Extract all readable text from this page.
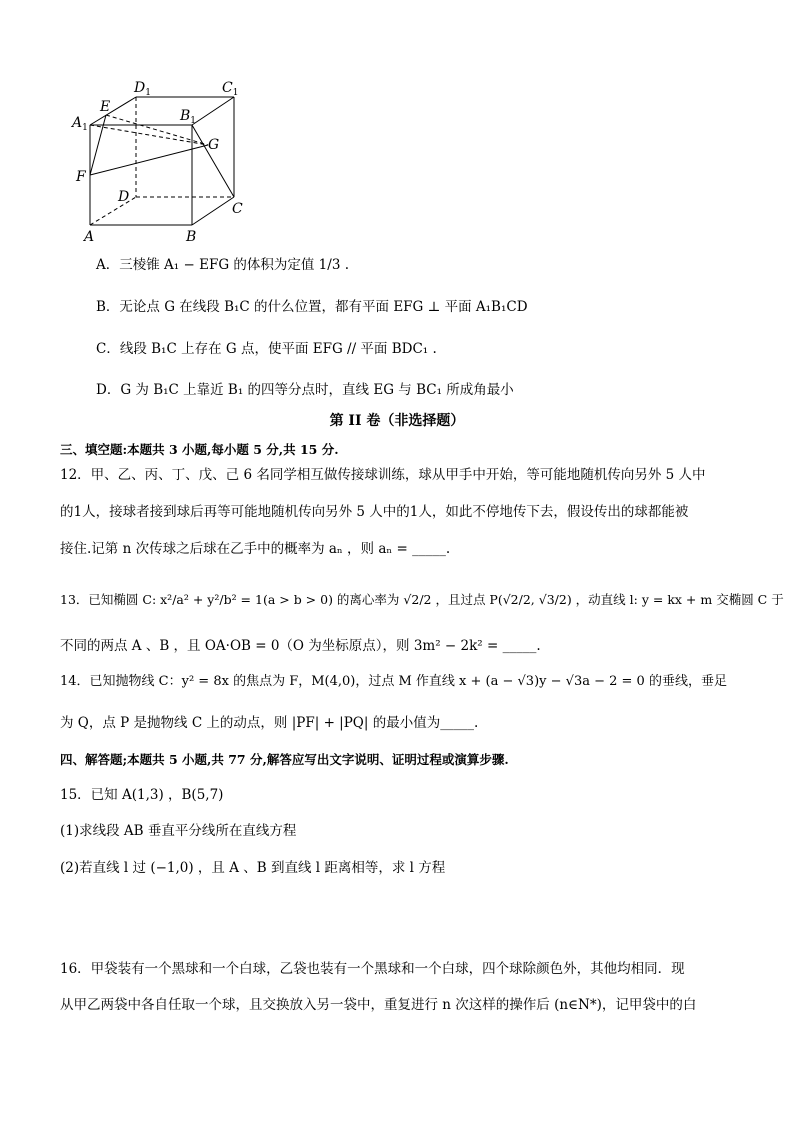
$D_1$	$C_1$
E
$A_1$
$B_1$
G
F
D
C
A	B
A．三棱锥 A₁ − EFG 的体积为定值 1/3 .
B．无论点 G 在线段 B₁C 的什么位置，都有平面 EFG ⊥ 平面 A₁B₁CD
C．线段 B₁C 上存在 G 点，使平面 EFG // 平面 BDC₁ .
D．G 为 B₁C 上靠近 B₁ 的四等分点时，直线 EG 与 BC₁ 所成角最小
第 II 卷（非选择题）
三、填空题:本题共 3 小题,每小题 5 分,共 15 分.
12．甲、乙、丙、丁、戊、己 6 名同学相互做传接球训练，球从甲手中开始，等可能地随机传向另外 5 人中
的1人，接球者接到球后再等可能地随机传向另外 5 人中的1人，如此不停地传下去，假设传出的球都能被
接住.记第 n 次传球之后球在乙手中的概率为 aₙ ，则 aₙ = _____.
13．已知椭圆 C: x²/a² + y²/b² = 1(a > b > 0) 的离心率为 √2/2 ，且过点 P(√2/2, √3/2) ，动直线 l: y = kx + m 交椭圆 C 于
不同的两点 A 、B ，且 OA·OB = 0（O 为坐标原点），则 3m² − 2k² = _____.
14．已知抛物线 C：y² = 8x 的焦点为 F，M(4,0)，过点 M 作直线 x + (a − √3)y − √3a − 2 = 0 的垂线，垂足
为 Q，点 P 是抛物线 C 上的动点，则 |PF| + |PQ| 的最小值为_____.
四、解答题;本题共 5 小题,共 77 分,解答应写出文字说明、证明过程或演算步骤.
15．已知 A(1,3) ，B(5,7)
(1)求线段 AB 垂直平分线所在直线方程
(2)若直线 l 过 (−1,0) ，且 A 、B 到直线 l 距离相等，求 l 方程
16．甲袋装有一个黑球和一个白球，乙袋也装有一个黑球和一个白球，四个球除颜色外，其他均相同．现
从甲乙两袋中各自任取一个球，且交换放入另一袋中，重复进行 n 次这样的操作后 (n∈N*)，记甲袋中的白
